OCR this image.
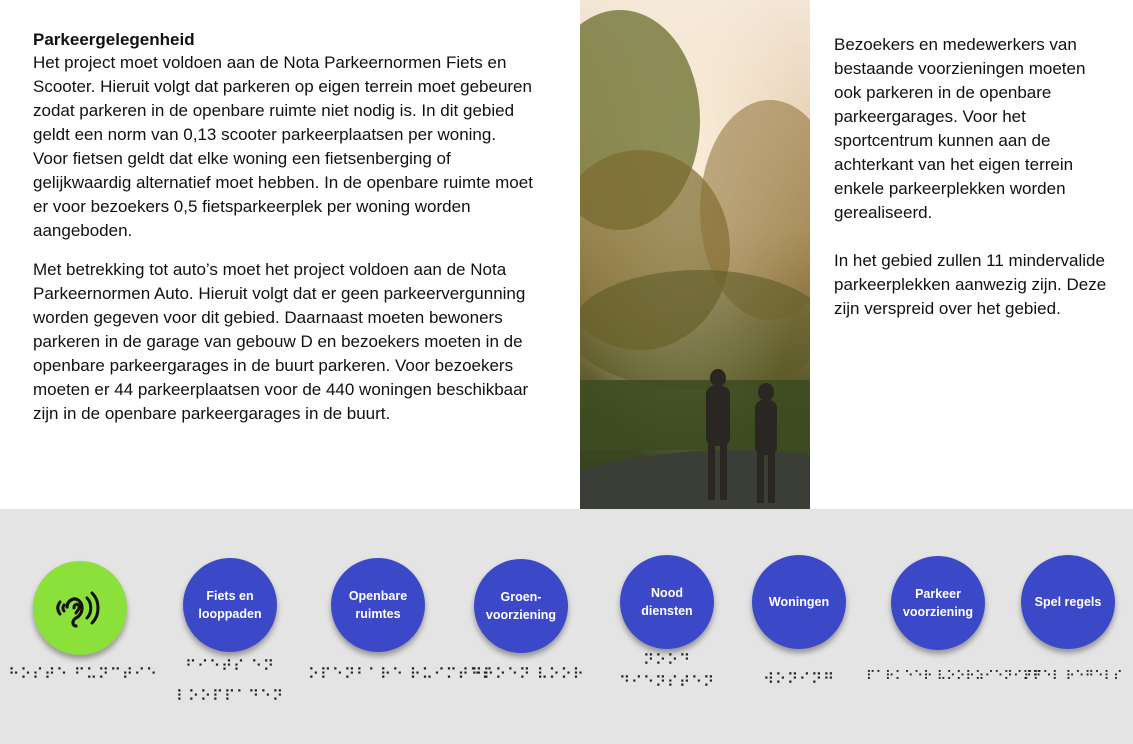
Parkeergelegenheid

Het project moet voldoen aan de Nota Parkeernormen Fiets en Scooter. Hieruit volgt dat parkeren op eigen terrein moet gebeuren zodat parkeren in de openbare ruimte niet nodig is. In dit gebied geldt een norm van 0,13 scooter parkeerplaatsen per woning. Voor fietsen geldt dat elke woning een fietsenberging of gelijkwaardig alternatief moet hebben. In de openbare ruimte moet er voor bezoekers 0,5 fietsparkeerplek per woning worden aangeboden.

Met betrekking tot auto’s moet het project voldoen aan de Nota Parkeernormen Auto. Hieruit volgt dat er geen parkeervergunning worden gegeven voor dit gebied. Daarnaast moeten bewoners parkeren in de garage van gebouw D en bezoekers moeten in de openbare parkeergarages in de buurt parkeren. Voor bezoekers moeten er 44 parkeerplaatsen voor de 440 woningen beschikbaar zijn in de openbare parkeergarages in de buurt.

Bezoekers en medewerkers van bestaande voorzieningen moeten ook parkeren in de openbare parkeergarages. Voor het sportcentrum kunnen aan de achterkant van het eigen terrein enkele parkeerplekken worden gerealiseerd.

In het gebied zullen 11 mindervalide parkeerplekken aanwezig zijn. Deze zijn verspreid over het gebied.

⠓⠕⠎⠞⠑ ⠋⠥⠝⠉⠞⠊⠑
Fiets en looppaden
⠋⠊⠑⠞⠎ ⠑⠝
⠇⠕⠕⠏⠏⠁⠙⠑⠝
Openbare ruimtes
⠕⠏⠑⠝⠃⠁⠗⠑ ⠗⠥⠊⠍⠞⠑⠎
Groen-voorziening
⠛⠗⠕⠑⠝ ⠧⠕⠕⠗
Nood diensten
⠝⠕⠕⠙
⠙⠊⠑⠝⠎⠞⠑⠝
Woningen
⠺⠕⠝⠊⠝⠛
Parkeer voorziening
⠏⠁⠗⠅⠑⠑⠗ ⠧⠕⠕⠗⠵⠊⠑⠝⠊⠝⠛
Spel regels
⠎⠏⠑⠇ ⠗⠑⠛⠑⠇⠎
